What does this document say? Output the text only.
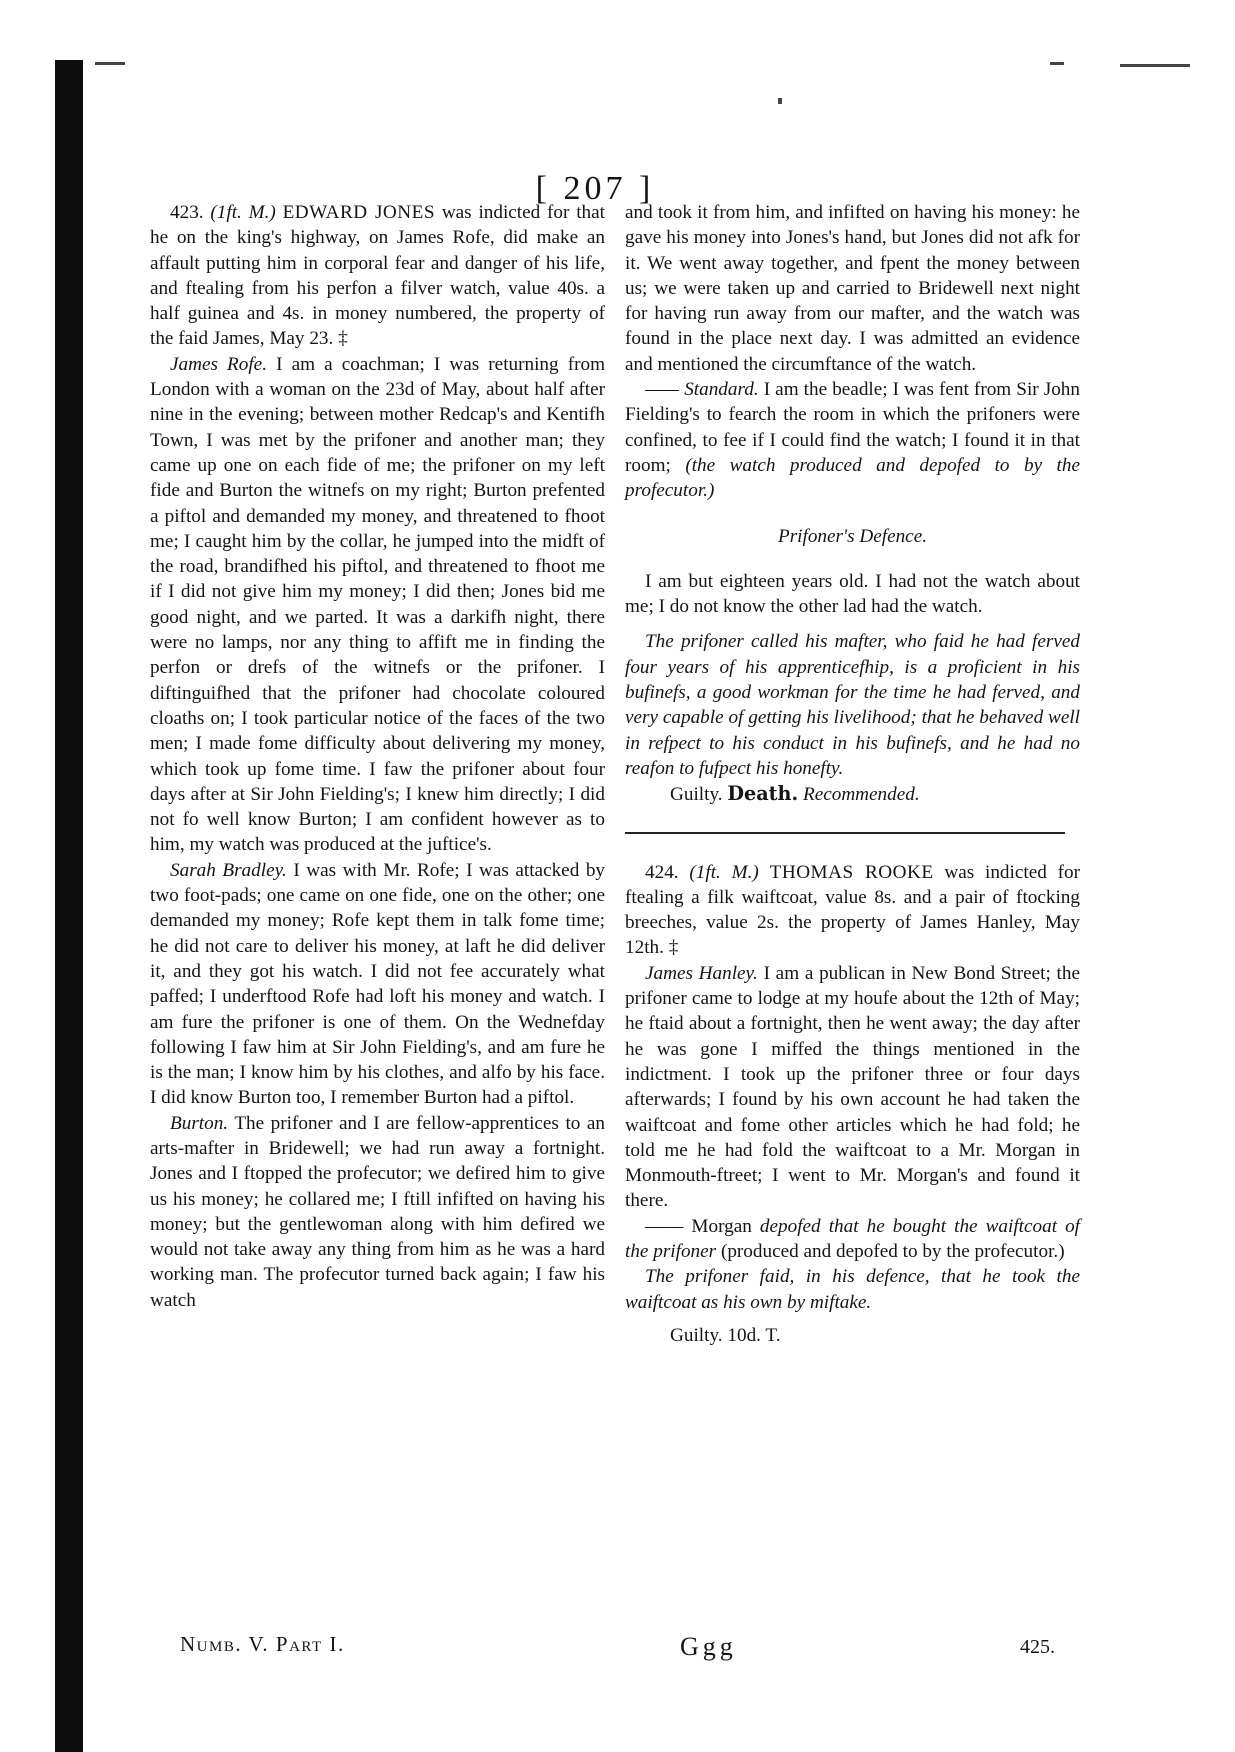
[ 207 ]

423. (1ft. M.) EDWARD JONES was indicted for that he on the king's highway, on James Rofe, did make an affault putting him in corporal fear and danger of his life, and ftealing from his perfon a filver watch, value 40s. a half guinea and 4s. in money numbered, the property of the faid James, May 23. ‡

James Rofe. I am a coachman; I was returning from London with a woman on the 23d of May, about half after nine in the evening; between mother Redcap's and Kentifh Town, I was met by the prifoner and another man; they came up one on each fide of me; the prifoner on my left fide and Burton the witnefs on my right; Burton prefented a piftol and demanded my money, and threatened to fhoot me; I caught him by the collar, he jumped into the midft of the road, brandifhed his piftol, and threatened to fhoot me if I did not give him my money; I did then; Jones bid me good night, and we parted. It was a darkifh night, there were no lamps, nor any thing to affift me in finding the perfon or drefs of the witnefs or the prifoner. I diftinguifhed that the prifoner had chocolate coloured cloaths on; I took particular notice of the faces of the two men; I made fome difficulty about delivering my money, which took up fome time. I faw the prifoner about four days after at Sir John Fielding's; I knew him directly; I did not fo well know Burton; I am confident however as to him, my watch was produced at the juftice's.

Sarah Bradley. I was with Mr. Rofe; I was attacked by two foot-pads; one came on one fide, one on the other; one demanded my money; Rofe kept them in talk fome time; he did not care to deliver his money, at laft he did deliver it, and they got his watch. I did not fee accurately what paffed; I underftood Rofe had loft his money and watch. I am fure the prifoner is one of them. On the Wednefday following I faw him at Sir John Fielding's, and am fure he is the man; I know him by his clothes, and alfo by his face. I did know Burton too, I remember Burton had a piftol.

Burton. The prifoner and I are fellow-apprentices to an arts-mafter in Bridewell; we had run away a fortnight. Jones and I ftopped the profecutor; we defired him to give us his money; he collared me; I ftill infifted on having his money; but the gentlewoman along with him defired we would not take away any thing from him as he was a hard working man. The profecutor turned back again; I faw his watch

and took it from him, and infifted on having his money: he gave his money into Jones's hand, but Jones did not afk for it. We went away together, and fpent the money between us; we were taken up and carried to Bridewell next night for having run away from our mafter, and the watch was found in the place next day. I was admitted an evidence and mentioned the circumftance of the watch.

—— Standard. I am the beadle; I was fent from Sir John Fielding's to fearch the room in which the prifoners were confined, to fee if I could find the watch; I found it in that room; (the watch produced and depofed to by the profecutor.)

Prifoner's Defence.

I am but eighteen years old. I had not the watch about me; I do not know the other lad had the watch.

The prifoner called his mafter, who faid he had ferved four years of his apprenticefhip, is a proficient in his bufinefs, a good workman for the time he had ferved, and very capable of getting his livelihood; that he behaved well in refpect to his conduct in his bufinefs, and he had no reafon to fufpect his honefty.

Guilty. Death. Recommended.

424. (1ft. M.) THOMAS ROOKE was indicted for ftealing a filk waiftcoat, value 8s. and a pair of ftocking breeches, value 2s. the property of James Hanley, May 12th. ‡

James Hanley. I am a publican in New Bond Street; the prifoner came to lodge at my houfe about the 12th of May; he ftaid about a fortnight, then he went away; the day after he was gone I miffed the things mentioned in the indictment. I took up the prifoner three or four days afterwards; I found by his own account he had taken the waiftcoat and fome other articles which he had fold; he told me he had fold the waiftcoat to a Mr. Morgan in Monmouth-ftreet; I went to Mr. Morgan's and found it there.

—— Morgan depofed that he bought the waiftcoat of the prifoner (produced and depofed to by the profecutor.)

The prifoner faid, in his defence, that he took the waiftcoat as his own by miftake.

Guilty. 10d. T.

Numb. V. Part I.	Ggg	425.
